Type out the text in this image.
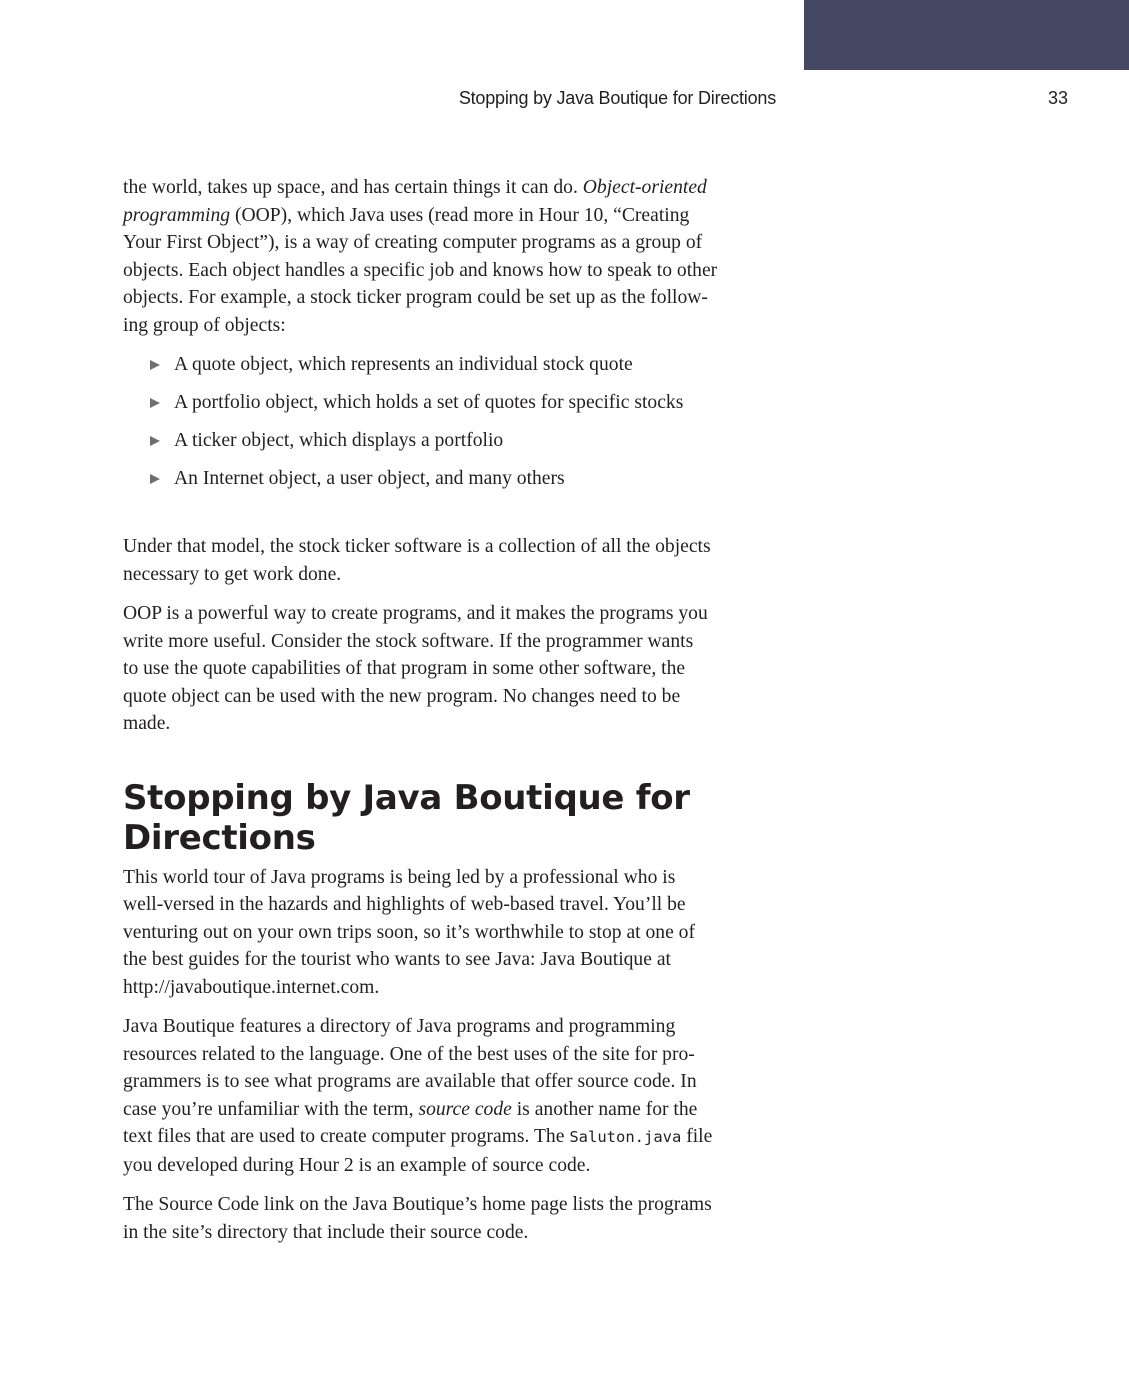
Stopping by Java Boutique for Directions	33
the world, takes up space, and has certain things it can do. Object-oriented
programming (OOP), which Java uses (read more in Hour 10, “Creating
Your First Object”), is a way of creating computer programs as a group of
objects. Each object handles a specific job and knows how to speak to other
objects. For example, a stock ticker program could be set up as the follow-
ing group of objects:
A quote object, which represents an individual stock quote
A portfolio object, which holds a set of quotes for specific stocks
A ticker object, which displays a portfolio
An Internet object, a user object, and many others
Under that model, the stock ticker software is a collection of all the objects
necessary to get work done.
OOP is a powerful way to create programs, and it makes the programs you
write more useful. Consider the stock software. If the programmer wants
to use the quote capabilities of that program in some other software, the
quote object can be used with the new program. No changes need to be
made.
Stopping by Java Boutique for
Directions
This world tour of Java programs is being led by a professional who is
well-versed in the hazards and highlights of web-based travel. You’ll be
venturing out on your own trips soon, so it’s worthwhile to stop at one of
the best guides for the tourist who wants to see Java: Java Boutique at
http://javaboutique.internet.com.
Java Boutique features a directory of Java programs and programming
resources related to the language. One of the best uses of the site for pro-
grammers is to see what programs are available that offer source code. In
case you’re unfamiliar with the term, source code is another name for the
text files that are used to create computer programs. The Saluton.java file
you developed during Hour 2 is an example of source code.
The Source Code link on the Java Boutique’s home page lists the programs
in the site’s directory that include their source code.
